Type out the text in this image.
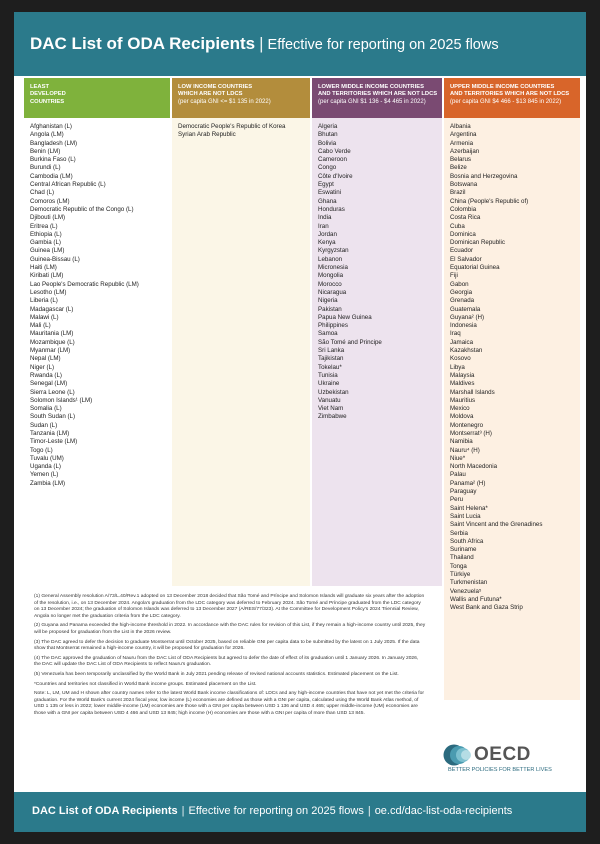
DAC List of ODA Recipients | Effective for reporting on 2025 flows
LEAST
DEVELOPED
COUNTRIES
Afghanistan (L)
Angola (LM)
Bangladesh (LM)
Benin (LM)
Burkina Faso (L)
Burundi (L)
Cambodia (LM)
Central African Republic (L)
Chad (L)
Comoros (LM)
Democratic Republic of the Congo (L)
Djibouti (LM)
Eritrea (L)
Ethiopia (L)
Gambia (L)
Guinea (LM)
Guinea-Bissau (L)
Haiti (LM)
Kiribati (LM)
Lao People's Democratic Republic (LM)
Lesotho (LM)
Liberia (L)
Madagascar (L)
Malawi (L)
Mali (L)
Mauritania (LM)
Mozambique (L)
Myanmar (LM)
Nepal (LM)
Niger (L)
Rwanda (L)
Senegal (LM)
Sierra Leone (L)
Solomon Islands¹ (LM)
Somalia (L)
South Sudan (L)
Sudan (L)
Tanzania (LM)
Timor-Leste (LM)
Togo (L)
Tuvalu (UM)
Uganda (L)
Yemen (L)
Zambia (LM)
LOW INCOME COUNTRIES
WHICH ARE NOT LDCS
(per capita GNI <= $1 135 in 2022)
Democratic People's Republic of Korea
Syrian Arab Republic
LOWER MIDDLE INCOME COUNTRIES
AND TERRITORIES WHICH ARE NOT LDCS
(per capita GNI $1 136 - $4 465 in 2022)
Algeria
Bhutan
Bolivia
Cabo Verde
Cameroon
Congo
Côte d'Ivoire
Egypt
Eswatini
Ghana
Honduras
India
Iran
Jordan
Kenya
Kyrgyzstan
Lebanon
Micronesia
Mongolia
Morocco
Nicaragua
Nigeria
Pakistan
Papua New Guinea
Philippines
Samoa
São Tomé and Principe
Sri Lanka
Tajikistan
Tokelau*
Tunisia
Ukraine
Uzbekistan
Vanuatu
Viet Nam
Zimbabwe
UPPER MIDDLE INCOME COUNTRIES
AND TERRITORIES WHICH ARE NOT LDCS
(per capita GNI $4 466 - $13 845 in 2022)
Albania
Argentina
Armenia
Azerbaijan
Belarus
Belize
Bosnia and Herzegovina
Botswana
Brazil
China (People's Republic of)
Colombia
Costa Rica
Cuba
Dominica
Dominican Republic
Ecuador
El Salvador
Equatorial Guinea
Fiji
Gabon
Georgia
Grenada
Guatemala
Guyana² (H)
Indonesia
Iraq
Jamaica
Kazakhstan
Kosovo
Libya
Malaysia
Maldives
Marshall Islands
Mauritius
Mexico
Moldova
Montenegro
Montserrat³ (H)
Namibia
Nauru⁴ (H)
Niue*
North Macedonia
Palau
Panama² (H)
Paraguay
Peru
Saint Helena*
Saint Lucia
Saint Vincent and the Grenadines
Serbia
South Africa
Suriname
Thailand
Tonga
Türkiye
Turkmenistan
Venezuela⁵
Wallis and Futuna*
West Bank and Gaza Strip

(1) General Assembly resolution A/73/L.40/Rev.1 adopted on 13 December 2018 decided that São Tomé and Príncipe and Solomon Islands will graduate six years after the adoption of the resolution, i.e., on 13 December 2024. Angola's graduation from the LDC category was deferred to February 2024. São Tomé and Príncipe graduated from the LDC category on 13 December 2024; the graduation of Solomon Islands was deferred to 13 December 2027 (A/RES/77/323). At the Committee for Development Policy's 2024 Triennial Review, Angola no longer met the graduation criteria from the LDC category.

(2) Guyana and Panama exceeded the high-income threshold in 2022. In accordance with the DAC rules for revision of this List, if they remain a high-income country until 2025, they will be proposed for graduation from the List in the 2026 review.

(3) The DAC agreed to defer the decision to graduate Montserrat until October 2025, based on reliable GNI per capita data to be submitted by the latest on 1 July 2025. If the data show that Montserrat remained a high-income country, it will be proposed for graduation for 2026.

(4) The DAC approved the graduation of Nauru from the DAC List of ODA Recipients but agreed to defer the date of effect of its graduation until 1 January 2026. In January 2026, the DAC will update the DAC List of ODA Recipients to reflect Nauru's graduation.

(5) Venezuela has been temporarily unclassified by the World Bank in July 2021 pending release of revised national accounts statistics. Estimated placement on the List.

*Countries and territories not classified in World Bank income groups. Estimated placement on the List.

Note: L, LM, UM and H shown after country names refer to the latest World Bank income classifications of: LDCs and any high-income countries that have not yet met the criteria for graduation. For the World Bank's current 2024 fiscal year, low income (L) economies are defined as those with a GNI per capita, calculated using the World Bank Atlas method, of USD 1 135 or less in 2022; lower middle-income (LM) economies are those with a GNI per capita between USD 1 136 and USD 4 465; upper middle-income (UM) economies are those with a GNI per capita between USD 4 466 and USD 13 845; high income (H) economies are those with a GNI per capita of more than USD 13 845.

OECD
BETTER POLICIES FOR BETTER LIVES
DAC List of ODA Recipients | Effective for reporting on 2025 flows | oe.cd/dac-list-oda-recipients
